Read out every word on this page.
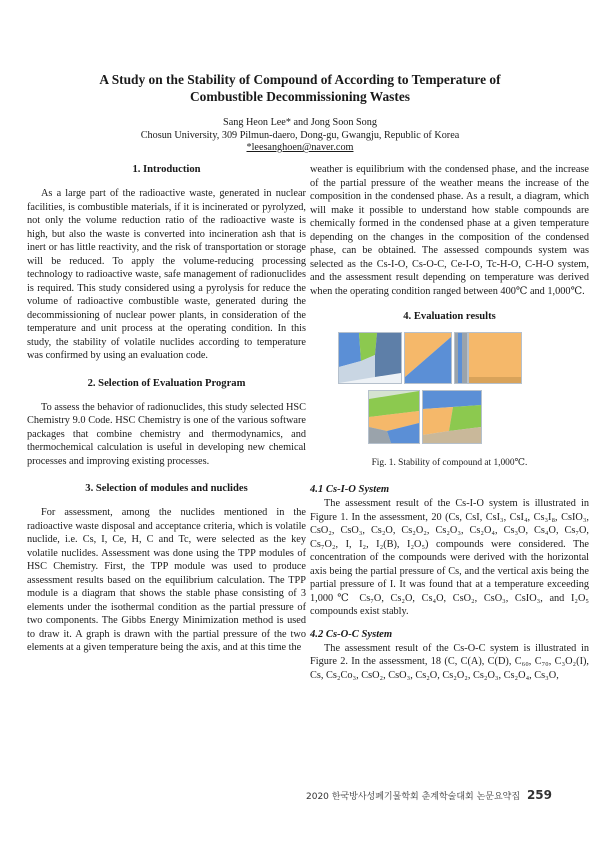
A Study on the Stability of Compound of According to Temperature of
Combustible Decommissioning Wastes
Sang Heon Lee* and Jong Soon Song
Chosun University, 309 Pilmun-daero, Dong-gu, Gwangju, Republic of Korea
*leesanghoen@naver.com
1. Introduction

As a large part of the radioactive waste, generated in nuclear facilities, is combustible materials, if it is incinerated or pyrolyzed, not only the volume reduction ratio of the radioactive waste is high, but also the waste is converted into incineration ash that is inert or has little reactivity, and the risk of transportation or storage will be reduced. To apply the volume-reducing processing technology to radioactive waste, safe management of radionuclides is required. This study considered using a pyrolysis for reduce the volume of radioactive combustible waste, generated during the decommissioning of nuclear power plants, in consideration of the temperature and unit process at the operating condition. In this study, the stability of volatile nuclides according to temperature was confirmed by using an evaluation code.

2. Selection of Evaluation Program

To assess the behavior of radionuclides, this study selected HSC Chemistry 9.0 Code. HSC Chemistry is one of the various software packages that combine chemistry and thermodynamics, and thermochemical calculation is useful in developing new chemical processes and improving existing processes.

3. Selection of modules and nuclides

For assessment, among the nuclides mentioned in the radioactive waste disposal and acceptance criteria, which is volatile nuclide, i.e. Cs, I, Ce, H, C and Tc, were selected as the key volatile nuclides. Assessment was done using the TPP modules of HSC Chemistry. First, the TPP module was used to produce assessment results based on the equilibrium calculation. The TPP module is a diagram that shows the stable phase consisting of 3 elements under the isothermal condition as the partial pressure of two components. The Gibbs Energy Minimization method is used to draw it. A graph is drawn with the partial pressure of the two elements at a given temperature being the axis, and at this time the

weather is equilibrium with the condensed phase, and the increase of the partial pressure of the weather means the increase of the composition in the condensed phase. As a result, a diagram, which will make it possible to understand how stable compounds are chemically formed in the condensed phase at a given temperature depending on the changes in the composition of the condensed phase, can be obtained. The assessed compounds system was selected as the Cs-I-O, Cs-O-C, Ce-I-O, Tc-H-O, C-H-O system, and the assessment result depending on temperature was derived when the operating condition ranged between 400℃ and 1,000℃.

4. Evaluation results
Fig. 1. Stability of compound at 1,000℃.
4.1 Cs-I-O System

The assessment result of the Cs-I-O system is illustrated in Figure 1. In the assessment, 20 (Cs, CsI, CsI₃, CsI₄, Cs₃I₈, CsIO₃, CsO₂, CsO₃, Cs₂O, Cs₂O₂, Cs₂O₃, Cs₂O₄, Cs₃O, Cs₄O, Cs₇O, Cs₇O₂, I, I₂, I₂(B), I₂O₅) compounds were considered. The concentration of the compounds were derived with the horizontal axis being the partial pressure of Cs, and the vertical axis being the partial pressure of I. It was found that at a temperature exceeding 1,000℃ Cs₇O, Cs₂O, Cs₄O, CsO₂, CsO₃, CsIO₃, and I₂O₅ compounds exist stably.

4.2 Cs-O-C System

The assessment result of the Cs-O-C system is illustrated in Figure 2. In the assessment, 18 (C, C(A), C(D), C₆₀, C₇₀, C₃O₂(I), Cs, Cs₂Co₃, CsO₂, CsO₃, Cs₂O, Cs₂O₂, Cs₂O₃, Cs₂O₄, Cs₃O,

2020 한국방사성폐기물학회 춘계학술대회 논문요약집 259
